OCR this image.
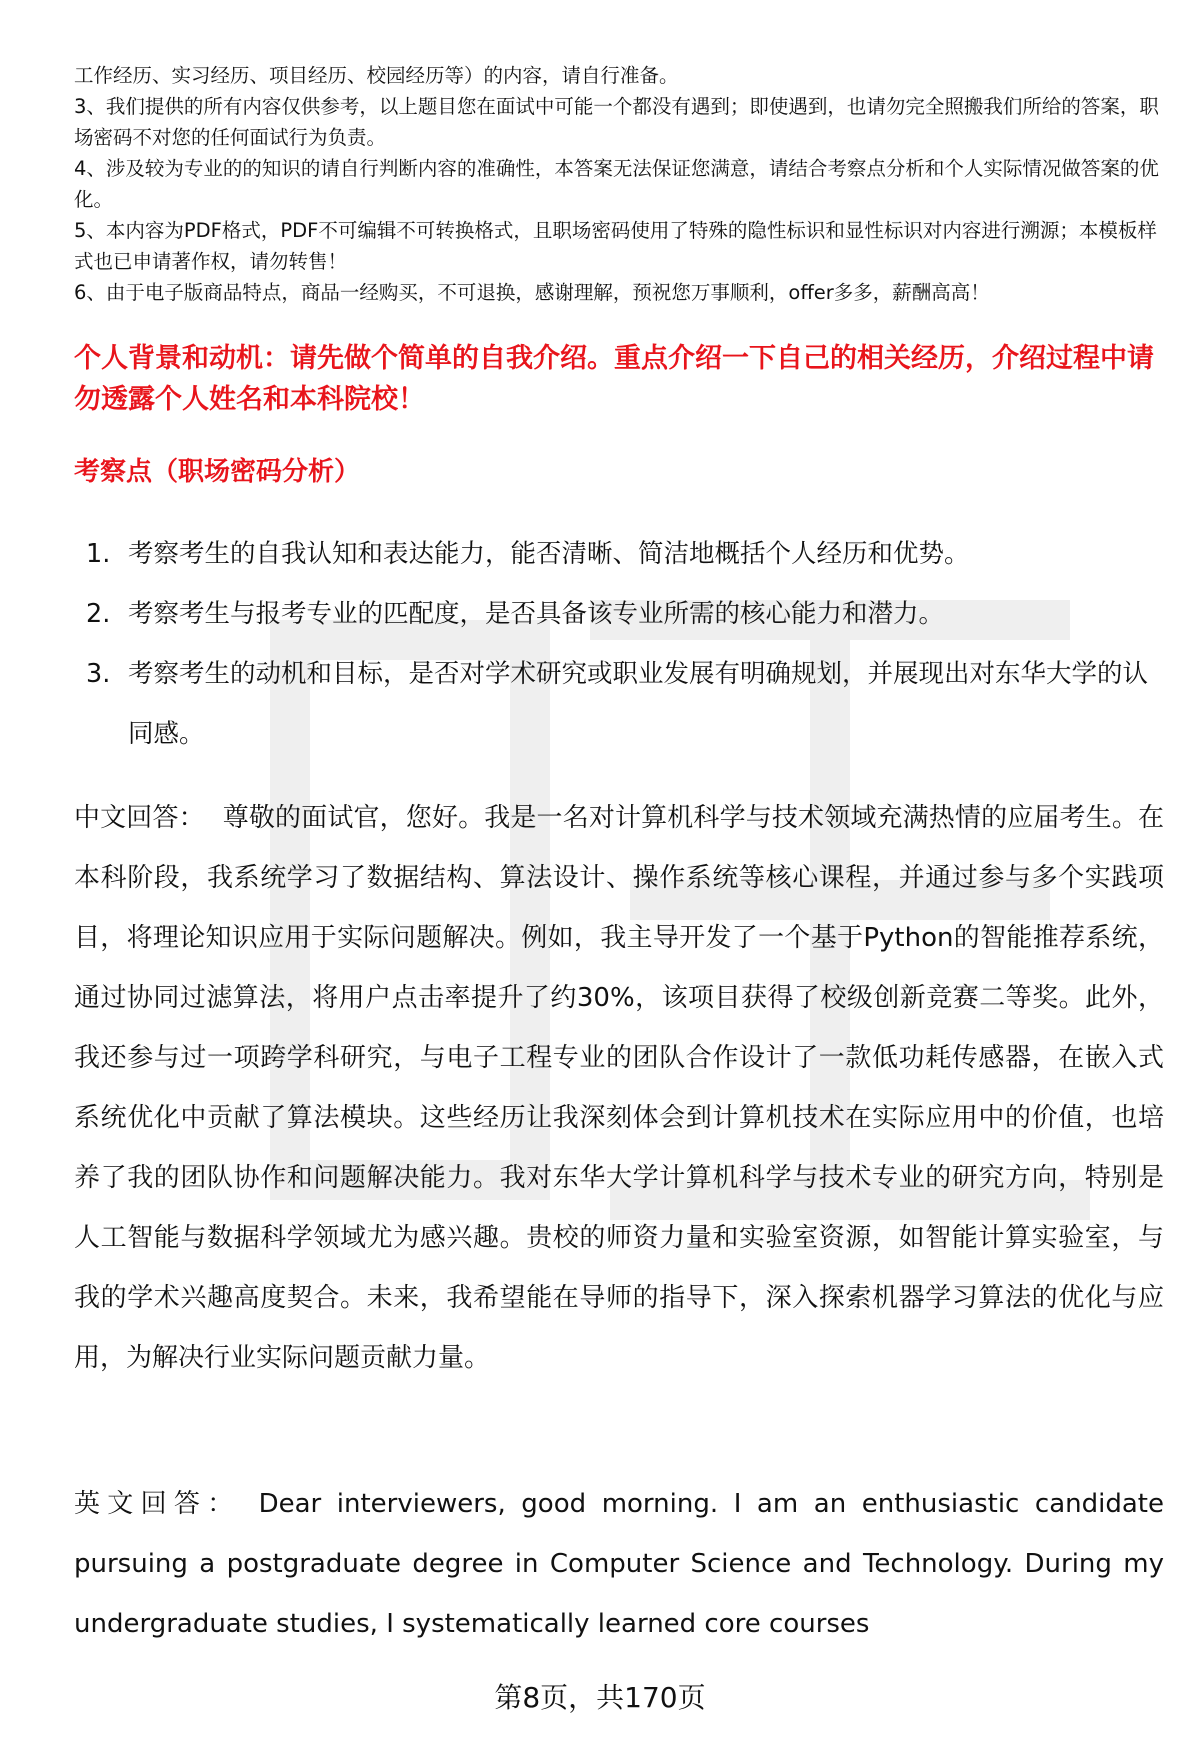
工作经历、实习经历、项目经历、校园经历等）的内容，请自行准备。

3、我们提供的所有内容仅供参考，以上题目您在面试中可能一个都没有遇到；即使遇到，也请勿完全照搬我们所给的答案，职场密码不对您的任何面试行为负责。

4、涉及较为专业的的知识的请自行判断内容的准确性，本答案无法保证您满意，请结合考察点分析和个人实际情况做答案的优化。

5、本内容为PDF格式，PDF不可编辑不可转换格式，且职场密码使用了特殊的隐性标识和显性标识对内容进行溯源；本模板样式也已申请著作权，请勿转售！

6、由于电子版商品特点，商品一经购买，不可退换，感谢理解，预祝您万事顺利，offer多多，薪酬高高！

个人背景和动机：请先做个简单的自我介绍。重点介绍一下自己的相关经历，介绍过程中请勿透露个人姓名和本科院校！
考察点（职场密码分析）
1. 考察考生的自我认知和表达能力，能否清晰、简洁地概括个人经历和优势。
2. 考察考生与报考专业的匹配度，是否具备该专业所需的核心能力和潜力。
3. 考察考生的动机和目标，是否对学术研究或职业发展有明确规划，并展现出对东华大学的认同感。

中文回答： 尊敬的面试官，您好。我是一名对计算机科学与技术领域充满热情的应届考生。在本科阶段，我系统学习了数据结构、算法设计、操作系统等核心课程，并通过参与多个实践项目，将理论知识应用于实际问题解决。例如，我主导开发了一个基于Python的智能推荐系统，通过协同过滤算法，将用户点击率提升了约30%，该项目获得了校级创新竞赛二等奖。此外，我还参与过一项跨学科研究，与电子工程专业的团队合作设计了一款低功耗传感器，在嵌入式系统优化中贡献了算法模块。这些经历让我深刻体会到计算机技术在实际应用中的价值，也培养了我的团队协作和问题解决能力。我对东华大学计算机科学与技术专业的研究方向，特别是人工智能与数据科学领域尤为感兴趣。贵校的师资力量和实验室资源，如智能计算实验室，与我的学术兴趣高度契合。未来，我希望能在导师的指导下，深入探索机器学习算法的优化与应用，为解决行业实际问题贡献力量。

英文回答： Dear interviewers, good morning. I am an enthusiastic candidate pursuing a postgraduate degree in Computer Science and Technology. During my undergraduate studies, I systematically learned core courses

第8页，共170页
